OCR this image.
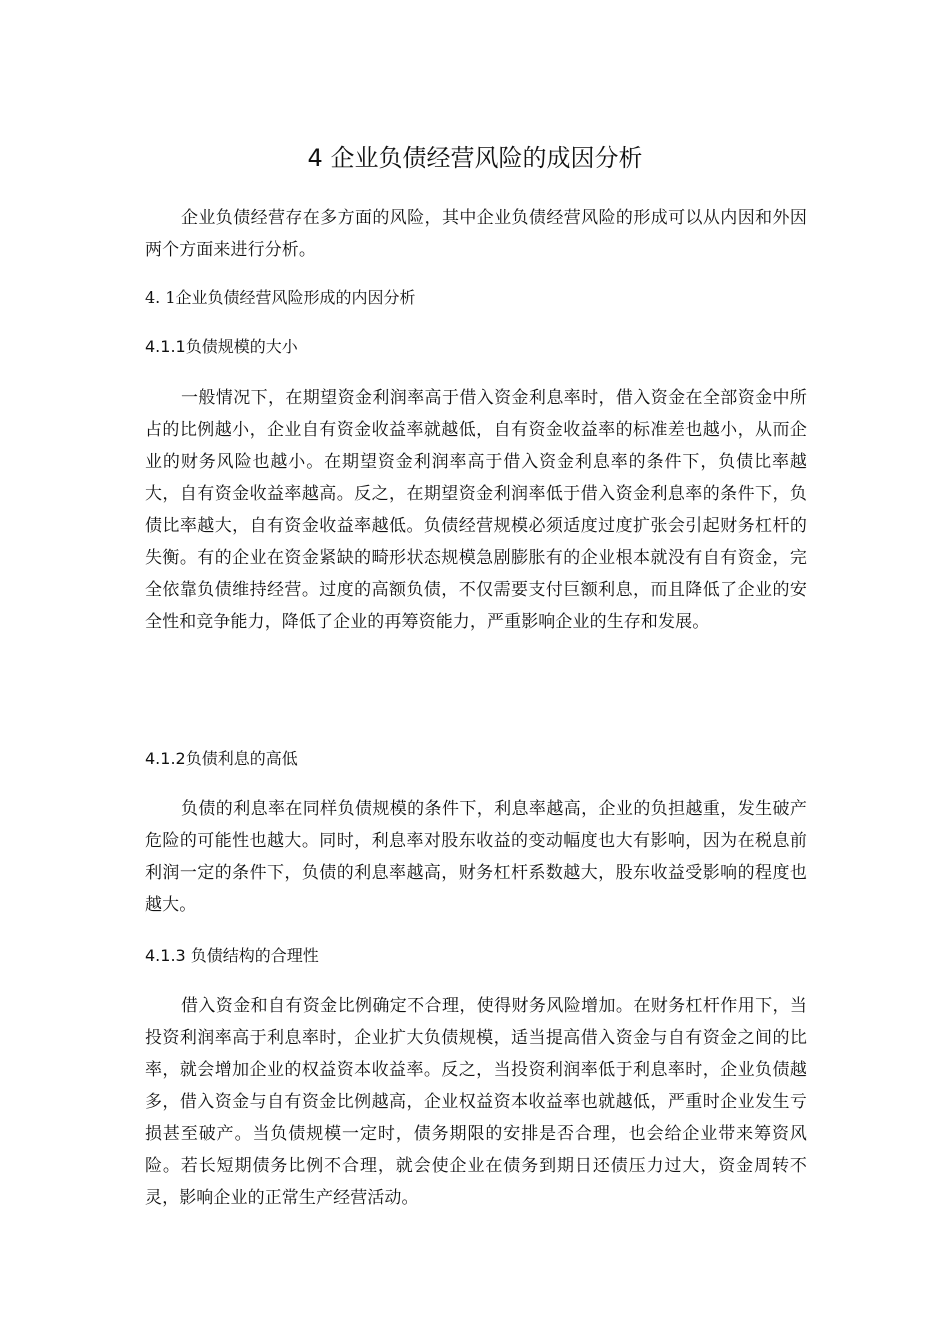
4 企业负债经营风险的成因分析
企业负债经营存在多方面的风险，其中企业负债经营风险的形成可以从内因和外因两个方面来进行分析。
4. 1企业负债经营风险形成的内因分析
4.1.1负债规模的大小
一般情况下，在期望资金利润率高于借入资金利息率时，借入资金在全部资金中所占的比例越小，企业自有资金收益率就越低，自有资金收益率的标准差也越小，从而企业的财务风险也越小。在期望资金利润率高于借入资金利息率的条件下，负债比率越大，自有资金收益率越高。反之，在期望资金利润率低于借入资金利息率的条件下，负债比率越大，自有资金收益率越低。负债经营规模必须适度过度扩张会引起财务杠杆的失衡。有的企业在资金紧缺的畸形状态规模急剧膨胀有的企业根本就没有自有资金，完全依靠负债维持经营。过度的高额负债，不仅需要支付巨额利息，而且降低了企业的安全性和竞争能力，降低了企业的再筹资能力，严重影响企业的生存和发展。
4.1.2负债利息的高低
负债的利息率在同样负债规模的条件下，利息率越高，企业的负担越重，发生破产危险的可能性也越大。同时，利息率对股东收益的变动幅度也大有影响，因为在税息前利润一定的条件下，负债的利息率越高，财务杠杆系数越大，股东收益受影响的程度也越大。
4.1.3 负债结构的合理性
借入资金和自有资金比例确定不合理，使得财务风险增加。在财务杠杆作用下，当投资利润率高于利息率时，企业扩大负债规模，适当提高借入资金与自有资金之间的比率，就会增加企业的权益资本收益率。反之，当投资利润率低于利息率时，企业负债越多，借入资金与自有资金比例越高，企业权益资本收益率也就越低，严重时企业发生亏损甚至破产。当负债规模一定时，债务期限的安排是否合理，也会给企业带来筹资风险。若长短期债务比例不合理，就会使企业在债务到期日还债压力过大，资金周转不灵，影响企业的正常生产经营活动。
